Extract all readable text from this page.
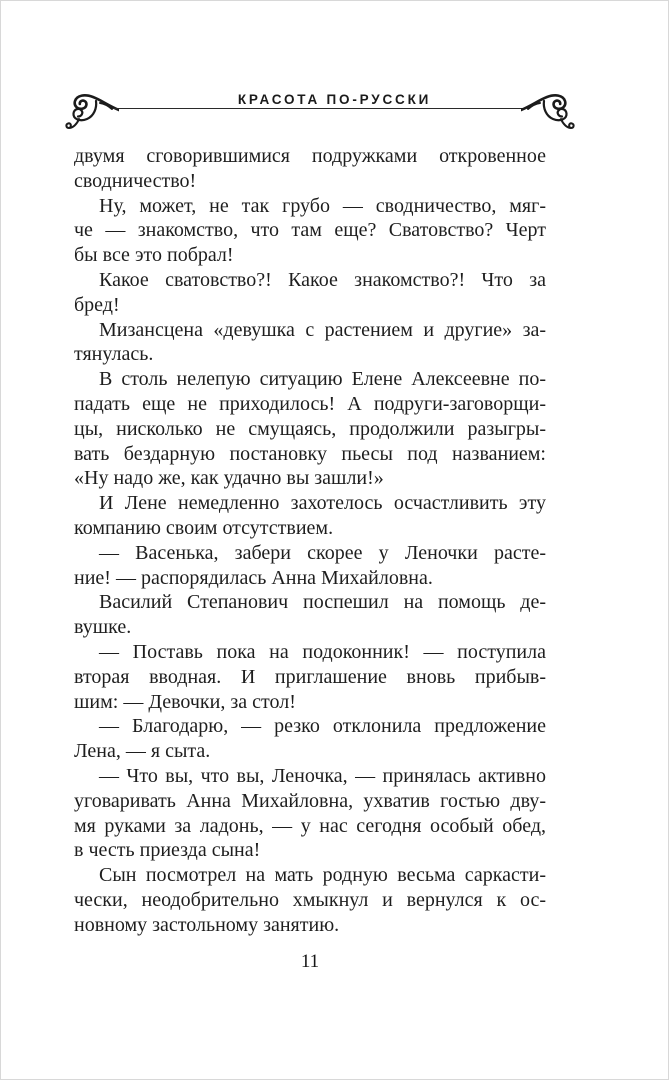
КРАСОТА ПО-РУССКИ
двумя сговорившимися подружками откровенное
сводничество!
Ну, может, не так грубо — сводничество, мяг-
че — знакомство, что там еще? Сватовство? Черт
бы все это побрал!
Какое сватовство?! Какое знакомство?! Что за
бред!
Мизансцена «девушка с растением и другие» за-
тянулась.
В столь нелепую ситуацию Елене Алексеевне по-
падать еще не приходилось! А подруги-заговорщи-
цы, нисколько не смущаясь, продолжили разыгры-
вать бездарную постановку пьесы под названием:
«Ну надо же, как удачно вы зашли!»
И Лене немедленно захотелось осчастливить эту
компанию своим отсутствием.
— Васенька, забери скорее у Леночки расте-
ние! — распорядилась Анна Михайловна.
Василий Степанович поспешил на помощь де-
вушке.
— Поставь пока на подоконник! — поступила
вторая вводная. И приглашение вновь прибыв-
шим: — Девочки, за стол!
— Благодарю, — резко отклонила предложение
Лена, — я сыта.
— Что вы, что вы, Леночка, — принялась активно
уговаривать Анна Михайловна, ухватив гостью дву-
мя руками за ладонь, — у нас сегодня особый обед,
в честь приезда сына!
Сын посмотрел на мать родную весьма саркасти-
чески, неодобрительно хмыкнул и вернулся к ос-
новному застольному занятию.
11
